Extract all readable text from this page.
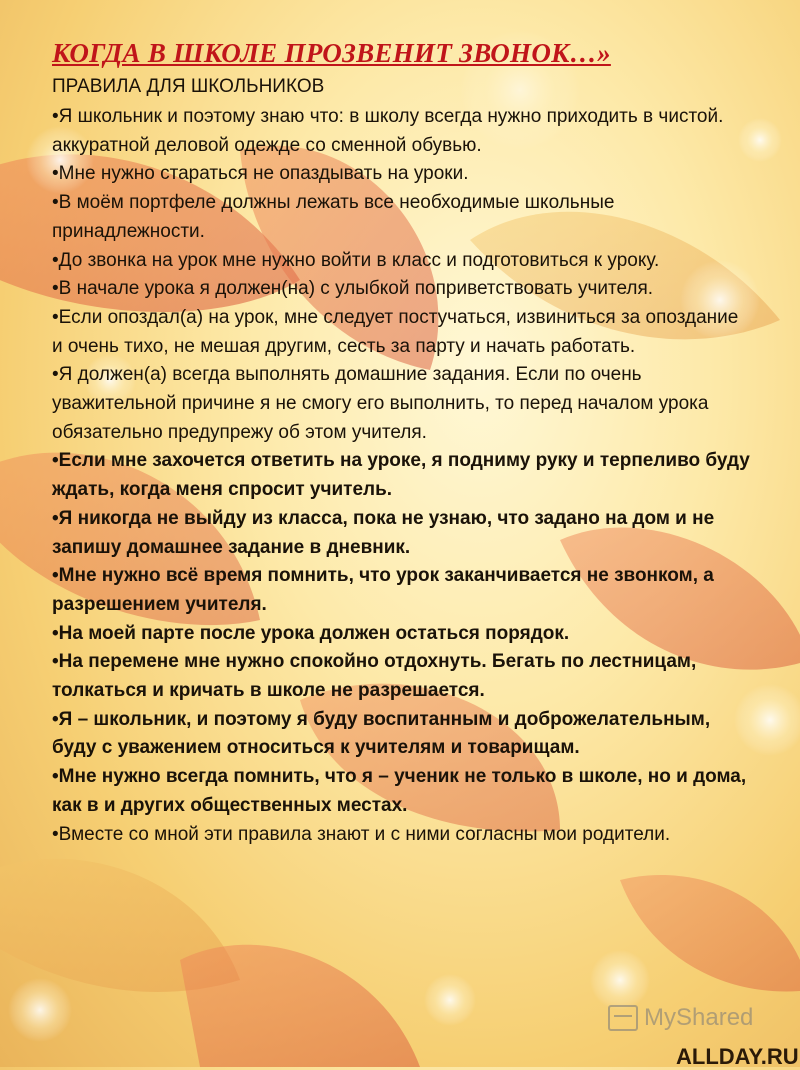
КОГДА В ШКОЛЕ ПРОЗВЕНИТ ЗВОНОК…»
ПРАВИЛА ДЛЯ ШКОЛЬНИКОВ
• Я школьник и поэтому знаю что: в школу всегда нужно приходить в чистой. аккуратной деловой одежде со сменной обувью.
• Мне нужно стараться не опаздывать на уроки.
• В моём портфеле должны лежать все необходимые школьные принадлежности.
• До звонка на урок мне нужно войти в класс и подготовиться к уроку.
• В начале урока я должен(на) с улыбкой поприветствовать учителя.
• Если опоздал(а) на урок, мне следует постучаться, извиниться за опоздание и очень тихо, не мешая другим, сесть за парту и начать работать.
• Я должен(а) всегда выполнять домашние задания. Если по очень уважительной причине я не смогу его выполнить, то перед началом урока обязательно предупрежу об этом учителя.
• Если мне захочется ответить на уроке, я подниму руку и терпеливо буду ждать, когда меня спросит учитель.
• Я никогда не выйду из класса, пока не узнаю, что задано на дом и не запишу домашнее задание в дневник.
• Мне нужно всё время помнить, что урок заканчивается не звонком, а разрешением учителя.
• На моей парте после урока должен остаться порядок.
• На перемене мне нужно спокойно отдохнуть. Бегать по лестницам, толкаться и кричать в школе не разрешается.
• Я – школьник, и поэтому я буду воспитанным и доброжелательным, буду с уважением относиться к учителям и товарищам.
• Мне нужно всегда помнить, что я – ученик не только в школе, но и дома, как в и других общественных местах.
• Вместе со мной эти правила знают и с ними согласны мои родители.
MyShared
ALLDAY.RU
